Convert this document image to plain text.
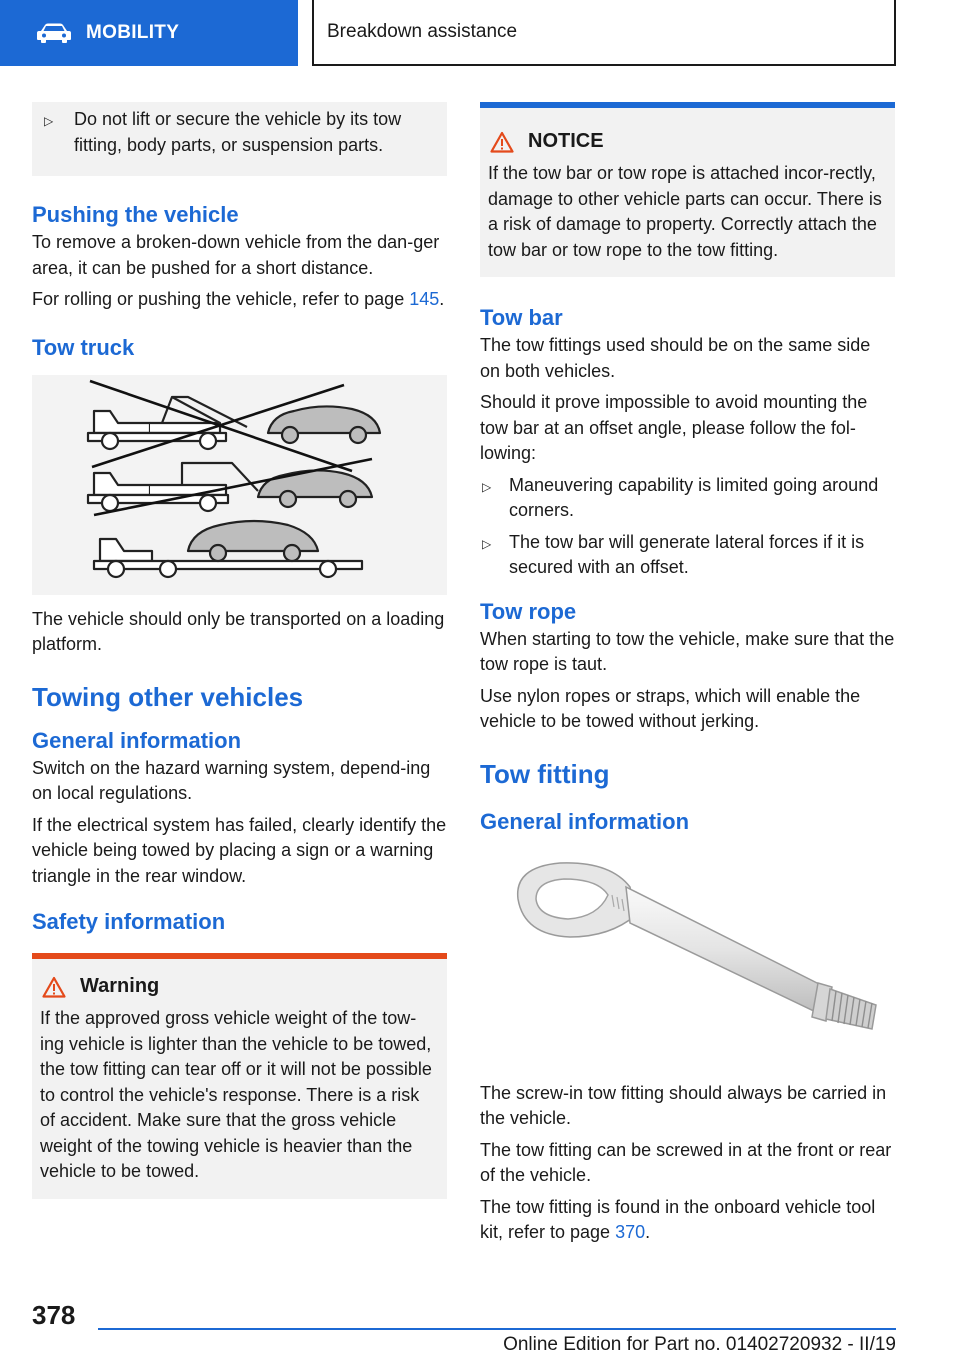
MOBILITY	Breakdown assistance
▷	Do not lift or secure the vehicle by its tow fitting, body parts, or suspension parts.
Pushing the vehicle

To remove a broken-down vehicle from the dan-ger area, it can be pushed for a short distance.

For rolling or pushing the vehicle, refer to page 145.

Tow truck

The vehicle should only be transported on a loading platform.

Towing other vehicles
General information

Switch on the hazard warning system, depend-ing on local regulations.

If the electrical system has failed, clearly identify the vehicle being towed by placing a sign or a warning triangle in the rear window.

Safety information
Warning

If the approved gross vehicle weight of the tow-ing vehicle is lighter than the vehicle to be towed, the tow fitting can tear off or it will not be possible to control the vehicle's response. There is a risk of accident. Make sure that the gross vehicle weight of the towing vehicle is heavier than the vehicle to be towed.

NOTICE

If the tow bar or tow rope is attached incor-rectly, damage to other vehicle parts can occur. There is a risk of damage to property. Correctly attach the tow bar or tow rope to the tow fitting.

Tow bar

The tow fittings used should be on the same side on both vehicles.

Should it prove impossible to avoid mounting the tow bar at an offset angle, please follow the fol-lowing:

▷ Maneuvering capability is limited going around corners.
▷ The tow bar will generate lateral forces if it is secured with an offset.
Tow rope

When starting to tow the vehicle, make sure that the tow rope is taut.

Use nylon ropes or straps, which will enable the vehicle to be towed without jerking.

Tow fitting
General information

The screw-in tow fitting should always be carried in the vehicle.

The tow fitting can be screwed in at the front or rear of the vehicle.

The tow fitting is found in the onboard vehicle tool kit, refer to page 370.

378
Online Edition for Part no. 01402720932 - II/19
